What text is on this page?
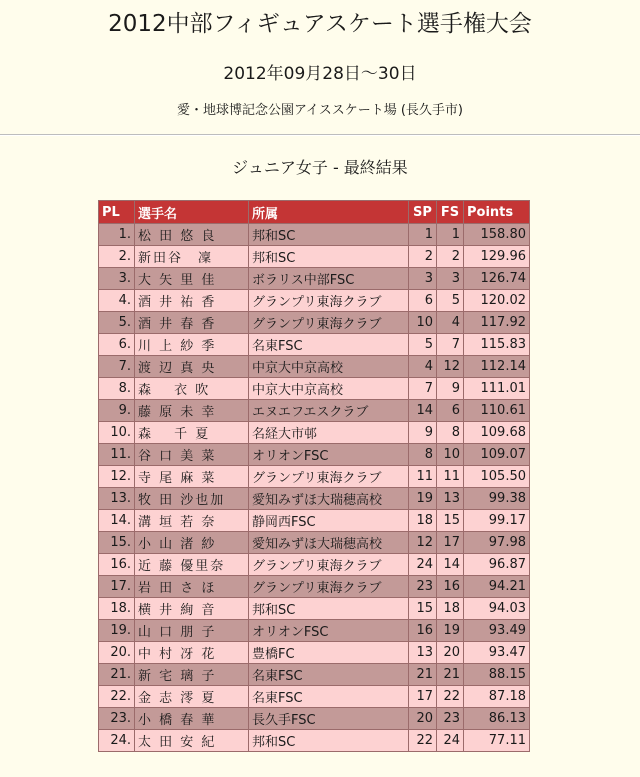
2012中部フィギュアスケート選手権大会
2012年09月28日〜30日
愛・地球博記念公園アイススケート場 (長久手市)
ジュニア女子 - 最終結果
PL	選手名	所属	SP	FS	Points
1.	松 田 悠 良	邦和SC	1	1	158.80
2.	新田谷　凜	邦和SC	2	2	129.96
3.	大 矢 里 佳	ボラリス中部FSC	3	3	126.74
4.	酒 井 祐 香	グランプリ東海クラブ	6	5	120.02
5.	酒 井 春 香	グランプリ東海クラブ	10	4	117.92
6.	川 上 紗 季	名東FSC	5	7	115.83
7.	渡 辺 真 央	中京大中京高校	4	12	112.14
8.	森　 衣 吹	中京大中京高校	7	9	111.01
9.	藤 原 未 幸	エヌエフエスクラブ	14	6	110.61
10.	森　 千 夏	名経大市邨	9	8	109.68
11.	谷 口 美 菜	オリオンFSC	8	10	109.07
12.	寺 尾 麻 菜	グランプリ東海クラブ	11	11	105.50
13.	牧 田 沙也加	愛知みずほ大瑞穂高校	19	13	99.38
14.	溝 垣 若 奈	静岡西FSC	18	15	99.17
15.	小 山 渚 紗	愛知みずほ大瑞穂高校	12	17	97.98
16.	近 藤 優里奈	グランプリ東海クラブ	24	14	96.87
17.	岩 田 さ ほ	グランプリ東海クラブ	23	16	94.21
18.	横 井 絢 音	邦和SC	15	18	94.03
19.	山 口 朋 子	オリオンFSC	16	19	93.49
20.	中 村 冴 花	豊橋FC	13	20	93.47
21.	新 宅 璃 子	名東FSC	21	21	88.15
22.	金 志 澪 夏	名東FSC	17	22	87.18
23.	小 橋 春 華	長久手FSC	20	23	86.13
24.	太 田 安 紀	邦和SC	22	24	77.11
